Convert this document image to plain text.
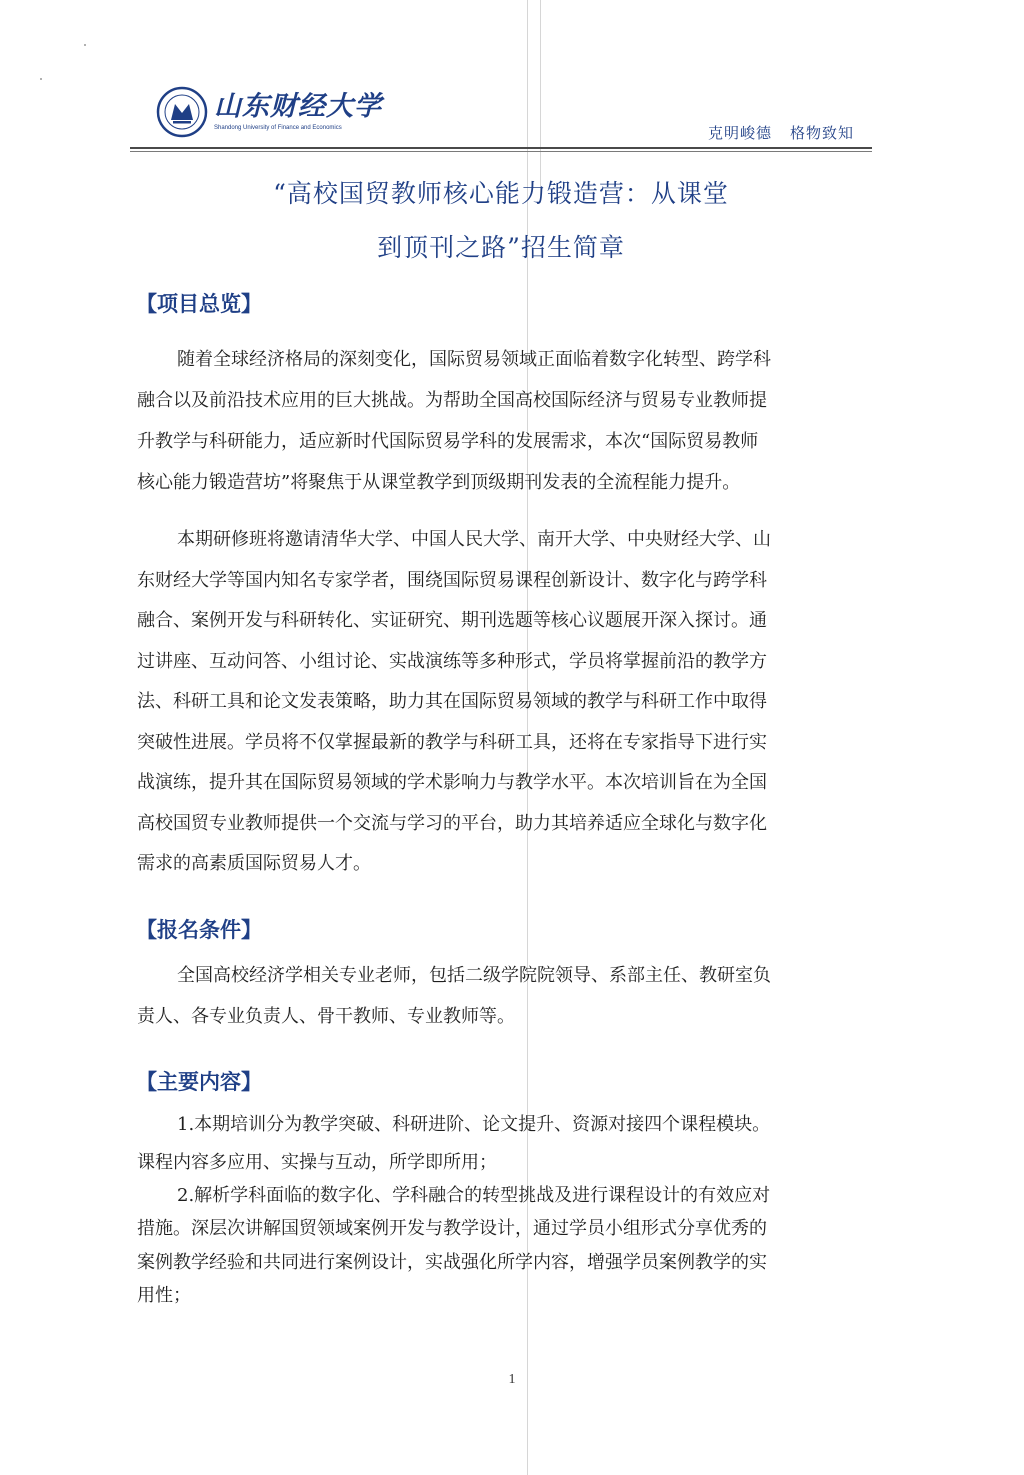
山东财经大学
Shandong University of Finance and Economics	克明峻德 格物致知
“高校国贸教师核心能力锻造营：从课堂
到顶刊之路”招生简章
【项目总览】
随着全球经济格局的深刻变化，国际贸易领域正面临着数字化转型、跨学科
融合以及前沿技术应用的巨大挑战。为帮助全国高校国际经济与贸易专业教师提
升教学与科研能力，适应新时代国际贸易学科的发展需求，本次“国际贸易教师
核心能力锻造营坊”将聚焦于从课堂教学到顶级期刊发表的全流程能力提升。
本期研修班将邀请清华大学、中国人民大学、南开大学、中央财经大学、山
东财经大学等国内知名专家学者，围绕国际贸易课程创新设计、数字化与跨学科
融合、案例开发与科研转化、实证研究、期刊选题等核心议题展开深入探讨。通
过讲座、互动问答、小组讨论、实战演练等多种形式，学员将掌握前沿的教学方
法、科研工具和论文发表策略，助力其在国际贸易领域的教学与科研工作中取得
突破性进展。学员将不仅掌握最新的教学与科研工具，还将在专家指导下进行实
战演练，提升其在国际贸易领域的学术影响力与教学水平。本次培训旨在为全国
高校国贸专业教师提供一个交流与学习的平台，助力其培养适应全球化与数字化
需求的高素质国际贸易人才。
【报名条件】
全国高校经济学相关专业老师，包括二级学院院领导、系部主任、教研室负
责人、各专业负责人、骨干教师、专业教师等。
【主要内容】
1.本期培训分为教学突破、科研进阶、论文提升、资源对接四个课程模块。
课程内容多应用、实操与互动，所学即所用；
2.解析学科面临的数字化、学科融合的转型挑战及进行课程设计的有效应对
措施。深层次讲解国贸领域案例开发与教学设计，通过学员小组形式分享优秀的
案例教学经验和共同进行案例设计，实战强化所学内容，增强学员案例教学的实
用性；
1
